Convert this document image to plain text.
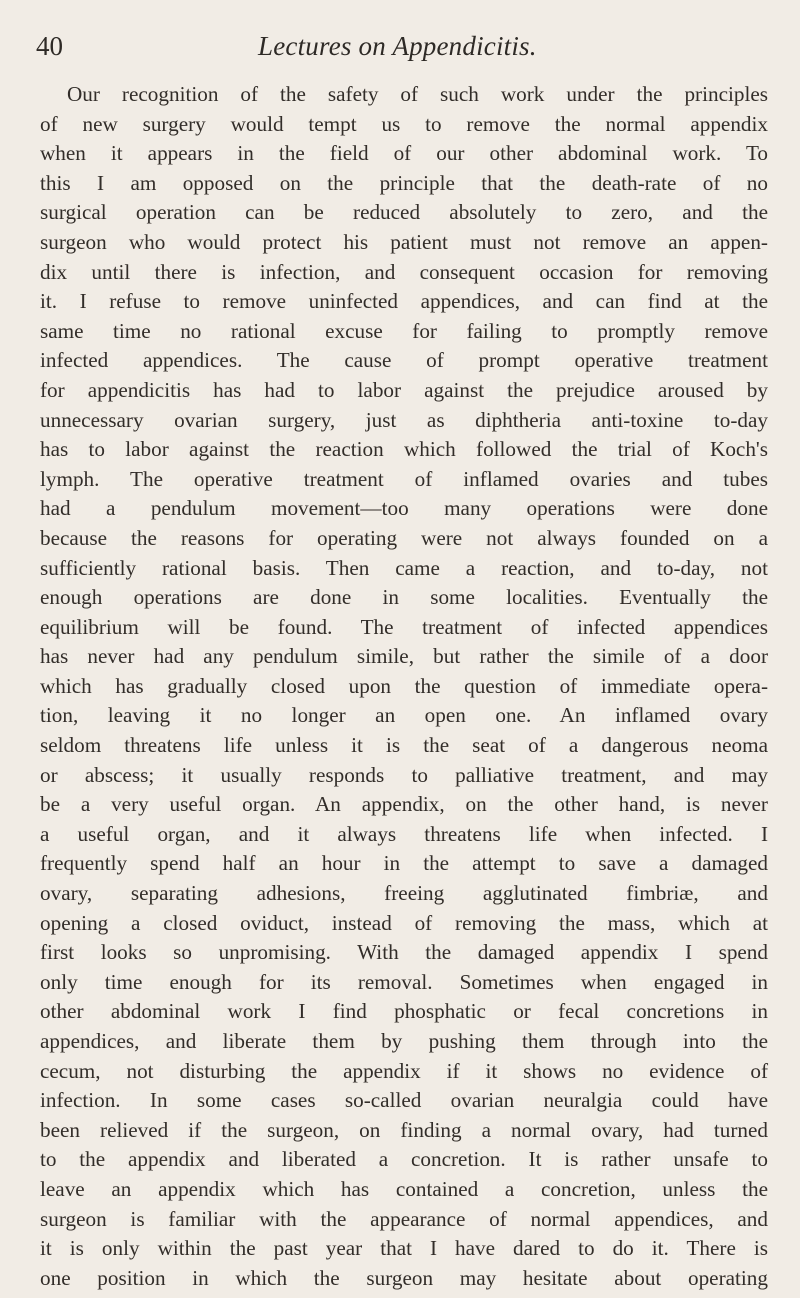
40	Lectures on Appendicitis.
Our recognition of the safety of such work under the principles
of new surgery would tempt us to remove the normal appendix
when it appears in the field of our other abdominal work. To
this I am opposed on the principle that the death-rate of no
surgical operation can be reduced absolutely to zero, and the
surgeon who would protect his patient must not remove an appen-
dix until there is infection, and consequent occasion for removing
it. I refuse to remove uninfected appendices, and can find at the
same time no rational excuse for failing to promptly remove
infected appendices. The cause of prompt operative treatment
for appendicitis has had to labor against the prejudice aroused by
unnecessary ovarian surgery, just as diphtheria anti-toxine to-day
has to labor against the reaction which followed the trial of Koch's
lymph. The operative treatment of inflamed ovaries and tubes
had a pendulum movement—too many operations were done
because the reasons for operating were not always founded on a
sufficiently rational basis. Then came a reaction, and to-day, not
enough operations are done in some localities. Eventually the
equilibrium will be found. The treatment of infected appendices
has never had any pendulum simile, but rather the simile of a door
which has gradually closed upon the question of immediate opera-
tion, leaving it no longer an open one. An inflamed ovary
seldom threatens life unless it is the seat of a dangerous neoma
or abscess; it usually responds to palliative treatment, and may
be a very useful organ. An appendix, on the other hand, is never
a useful organ, and it always threatens life when infected. I
frequently spend half an hour in the attempt to save a damaged
ovary, separating adhesions, freeing agglutinated fimbriæ, and
opening a closed oviduct, instead of removing the mass, which at
first looks so unpromising. With the damaged appendix I spend
only time enough for its removal. Sometimes when engaged in
other abdominal work I find phosphatic or fecal concretions in
appendices, and liberate them by pushing them through into the
cecum, not disturbing the appendix if it shows no evidence of
infection. In some cases so-called ovarian neuralgia could have
been relieved if the surgeon, on finding a normal ovary, had turned
to the appendix and liberated a concretion. It is rather unsafe to
leave an appendix which has contained a concretion, unless the
surgeon is familiar with the appearance of normal appendices, and
it is only within the past year that I have dared to do it. There is
one position in which the surgeon may hesitate about operating
